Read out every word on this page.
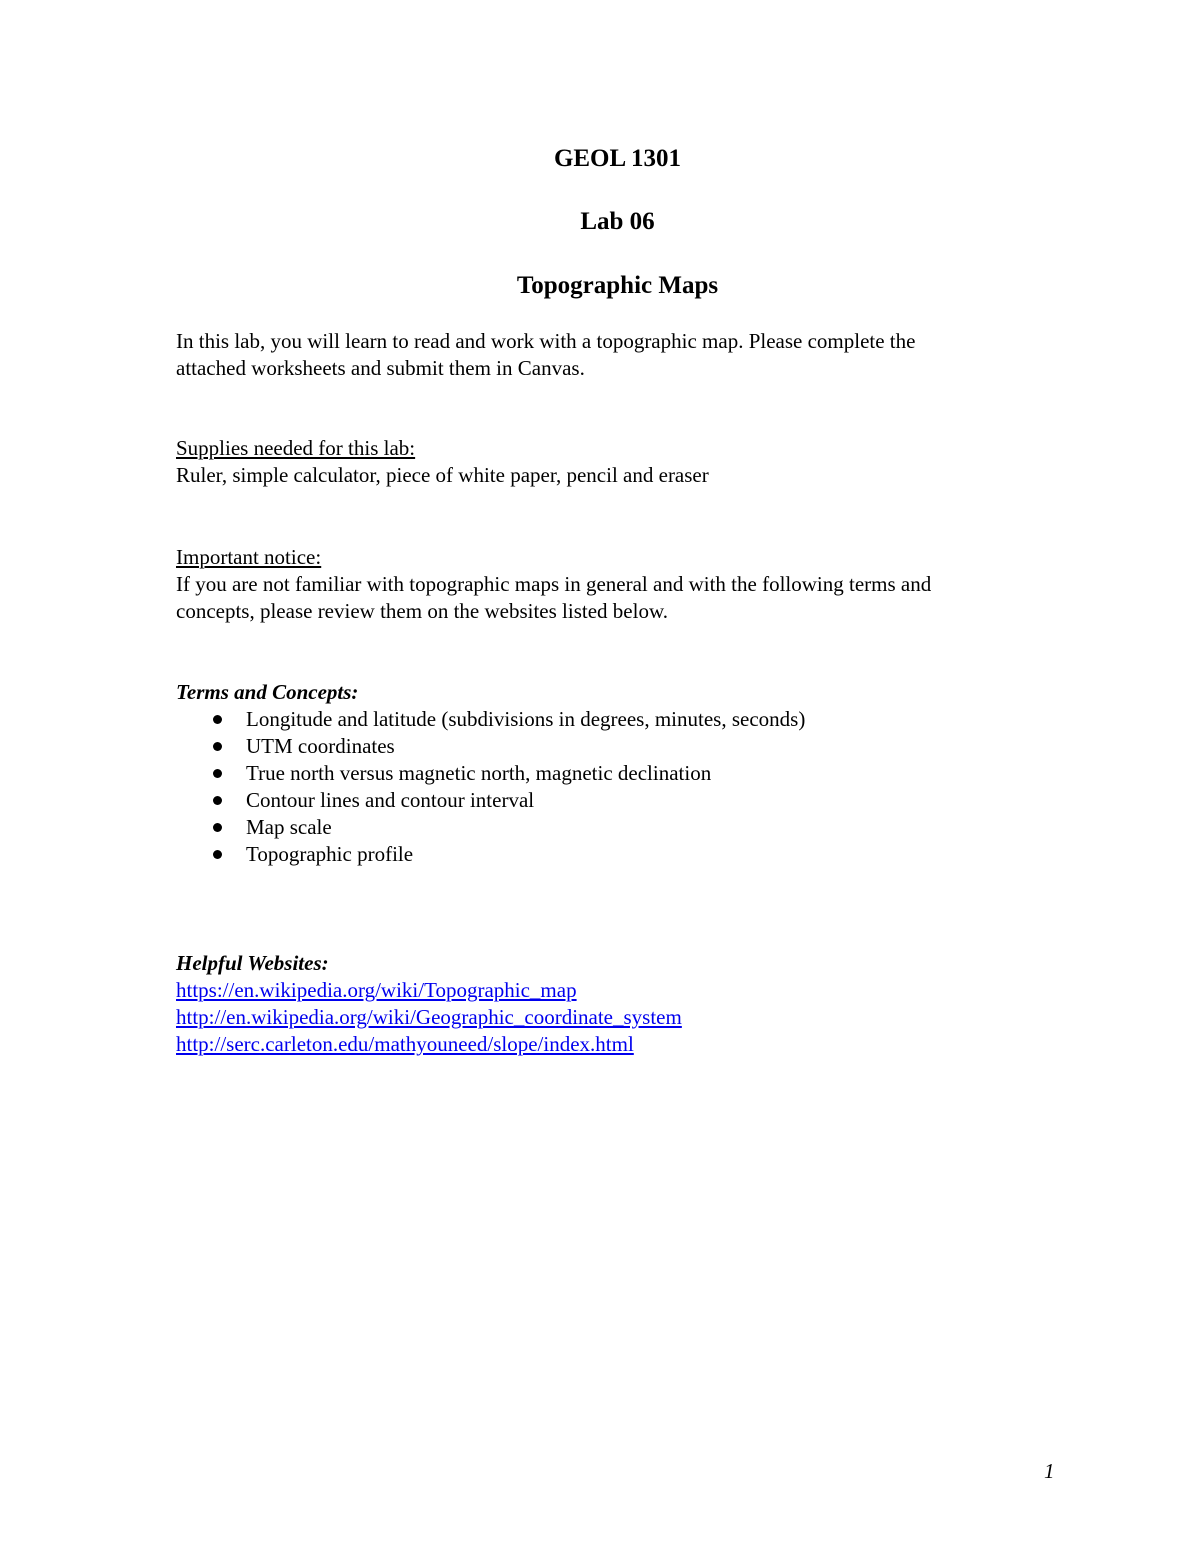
GEOL 1301
Lab 06
Topographic Maps

In this lab, you will learn to read and work with a topographic map. Please complete the

attached worksheets and submit them in Canvas.

Supplies needed for this lab:

Ruler, simple calculator, piece of white paper, pencil and eraser

Important notice:

If you are not familiar with topographic maps in general and with the following terms and

concepts, please review them on the websites listed below.

Terms and Concepts:

Longitude and latitude (subdivisions in degrees, minutes, seconds)
UTM coordinates
True north versus magnetic north, magnetic declination
Contour lines and contour interval
Map scale
Topographic profile

Helpful Websites:

https://en.wikipedia.org/wiki/Topographic_map
http://en.wikipedia.org/wiki/Geographic_coordinate_system
http://serc.carleton.edu/mathyouneed/slope/index.html
1
